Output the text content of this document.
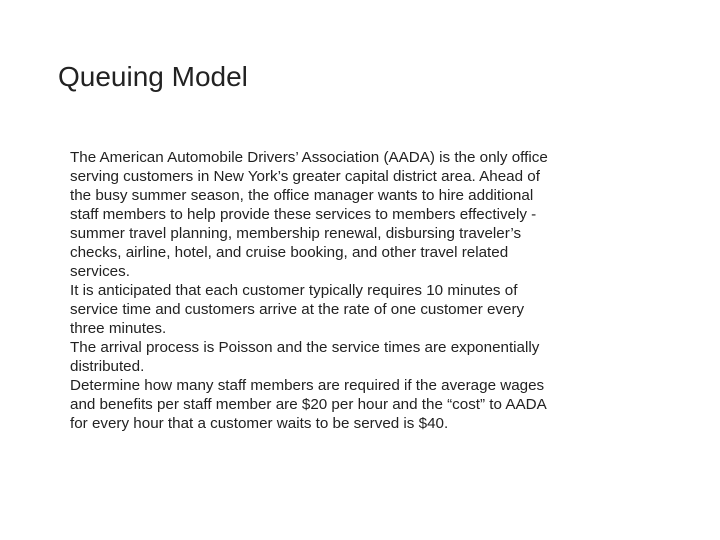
Queuing Model

The American Automobile Drivers’ Association (AADA) is the only office
serving customers in New York’s greater capital district area. Ahead of
the busy summer season, the office manager wants to hire additional
staff members to help provide these services to members effectively -
summer travel planning, membership renewal, disbursing traveler’s
checks, airline, hotel, and cruise booking, and other travel related
services.

It is anticipated that each customer typically requires 10 minutes of
service time and customers arrive at the rate of one customer every
three minutes.

The arrival process is Poisson and the service times are exponentially
distributed.

Determine how many staff members are required if the average wages
and benefits per staff member are $20 per hour and the “cost” to AADA
for every hour that a customer waits to be served is $40.
